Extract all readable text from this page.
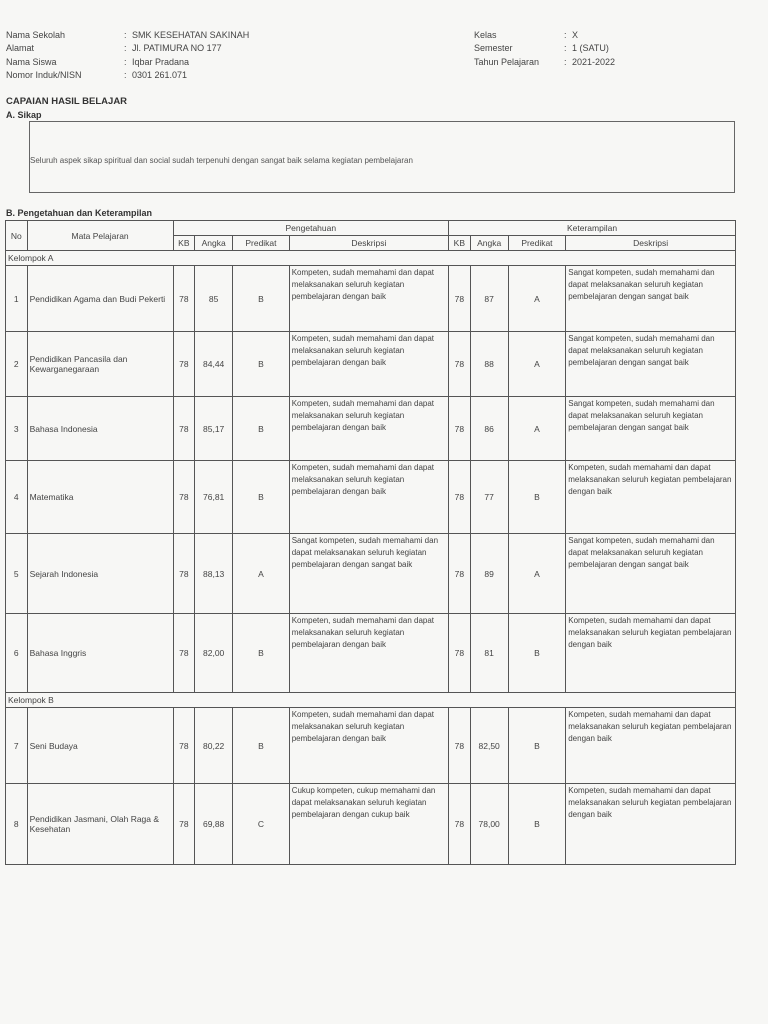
Nama Sekolah	: SMK KESEHATAN SAKINAH
Alamat	: Jl. PATIMURA NO 177
Nama Siswa	: Iqbar Pradana
Nomor Induk/NISN	: 0301 261.071
Kelas	: X
Semester	: 1 (SATU)
Tahun Pelajaran	: 2021-2022
CAPAIAN HASIL BELAJAR
A. Sikap
Seluruh aspek sikap spiritual dan social sudah terpenuhi dengan sangat baik selama kegiatan pembelajaran
B. Pengetahuan dan Keterampilan
No	Mata Pelajaran	Pengetahuan				Keterampilan			
		KB	Angka	Predikat	Deskripsi	KB	Angka	Predikat	Deskripsi
Kelompok A									
1	Pendidikan Agama dan Budi Pekerti	78	85	B	Kompeten, sudah memahami dan dapat melaksanakan seluruh kegiatan pembelajaran dengan baik	78	87	A	Sangat kompeten, sudah memahami dan dapat melaksanakan seluruh kegiatan pembelajaran dengan sangat baik
2	Pendidikan Pancasila dan Kewarganegaraan	78	84,44	B	Kompeten, sudah memahami dan dapat melaksanakan seluruh kegiatan pembelajaran dengan baik	78	88	A	Sangat kompeten, sudah memahami dan dapat melaksanakan seluruh kegiatan pembelajaran dengan sangat baik
3	Bahasa Indonesia	78	85,17	B	Kompeten, sudah memahami dan dapat melaksanakan seluruh kegiatan pembelajaran dengan baik	78	86	A	Sangat kompeten, sudah memahami dan dapat melaksanakan seluruh kegiatan pembelajaran dengan sangat baik
4	Matematika	78	76,81	B	Kompeten, sudah memahami dan dapat melaksanakan seluruh kegiatan pembelajaran dengan baik	78	77	B	Kompeten, sudah memahami dan dapat melaksanakan seluruh kegiatan pembelajaran dengan baik
5	Sejarah Indonesia	78	88,13	A	Sangat kompeten, sudah memahami dan dapat melaksanakan seluruh kegiatan pembelajaran dengan sangat baik	78	89	A	Sangat kompeten, sudah memahami dan dapat melaksanakan seluruh kegiatan pembelajaran dengan sangat baik
6	Bahasa Inggris	78	82,00	B	Kompeten, sudah memahami dan dapat melaksanakan seluruh kegiatan pembelajaran dengan baik	78	81	B	Kompeten, sudah memahami dan dapat melaksanakan seluruh kegiatan pembelajaran dengan baik
Kelompok B									
7	Seni Budaya	78	80,22	B	Kompeten, sudah memahami dan dapat melaksanakan seluruh kegiatan pembelajaran dengan baik	78	82,50	B	Kompeten, sudah memahami dan dapat melaksanakan seluruh kegiatan pembelajaran dengan baik
8	Pendidikan Jasmani, Olah Raga & Kesehatan	78	69,88	C	Cukup kompeten, cukup memahami dan dapat melaksanakan seluruh kegiatan pembelajaran dengan cukup baik	78	78,00	B	Kompeten, sudah memahami dan dapat melaksanakan seluruh kegiatan pembelajaran dengan baik
